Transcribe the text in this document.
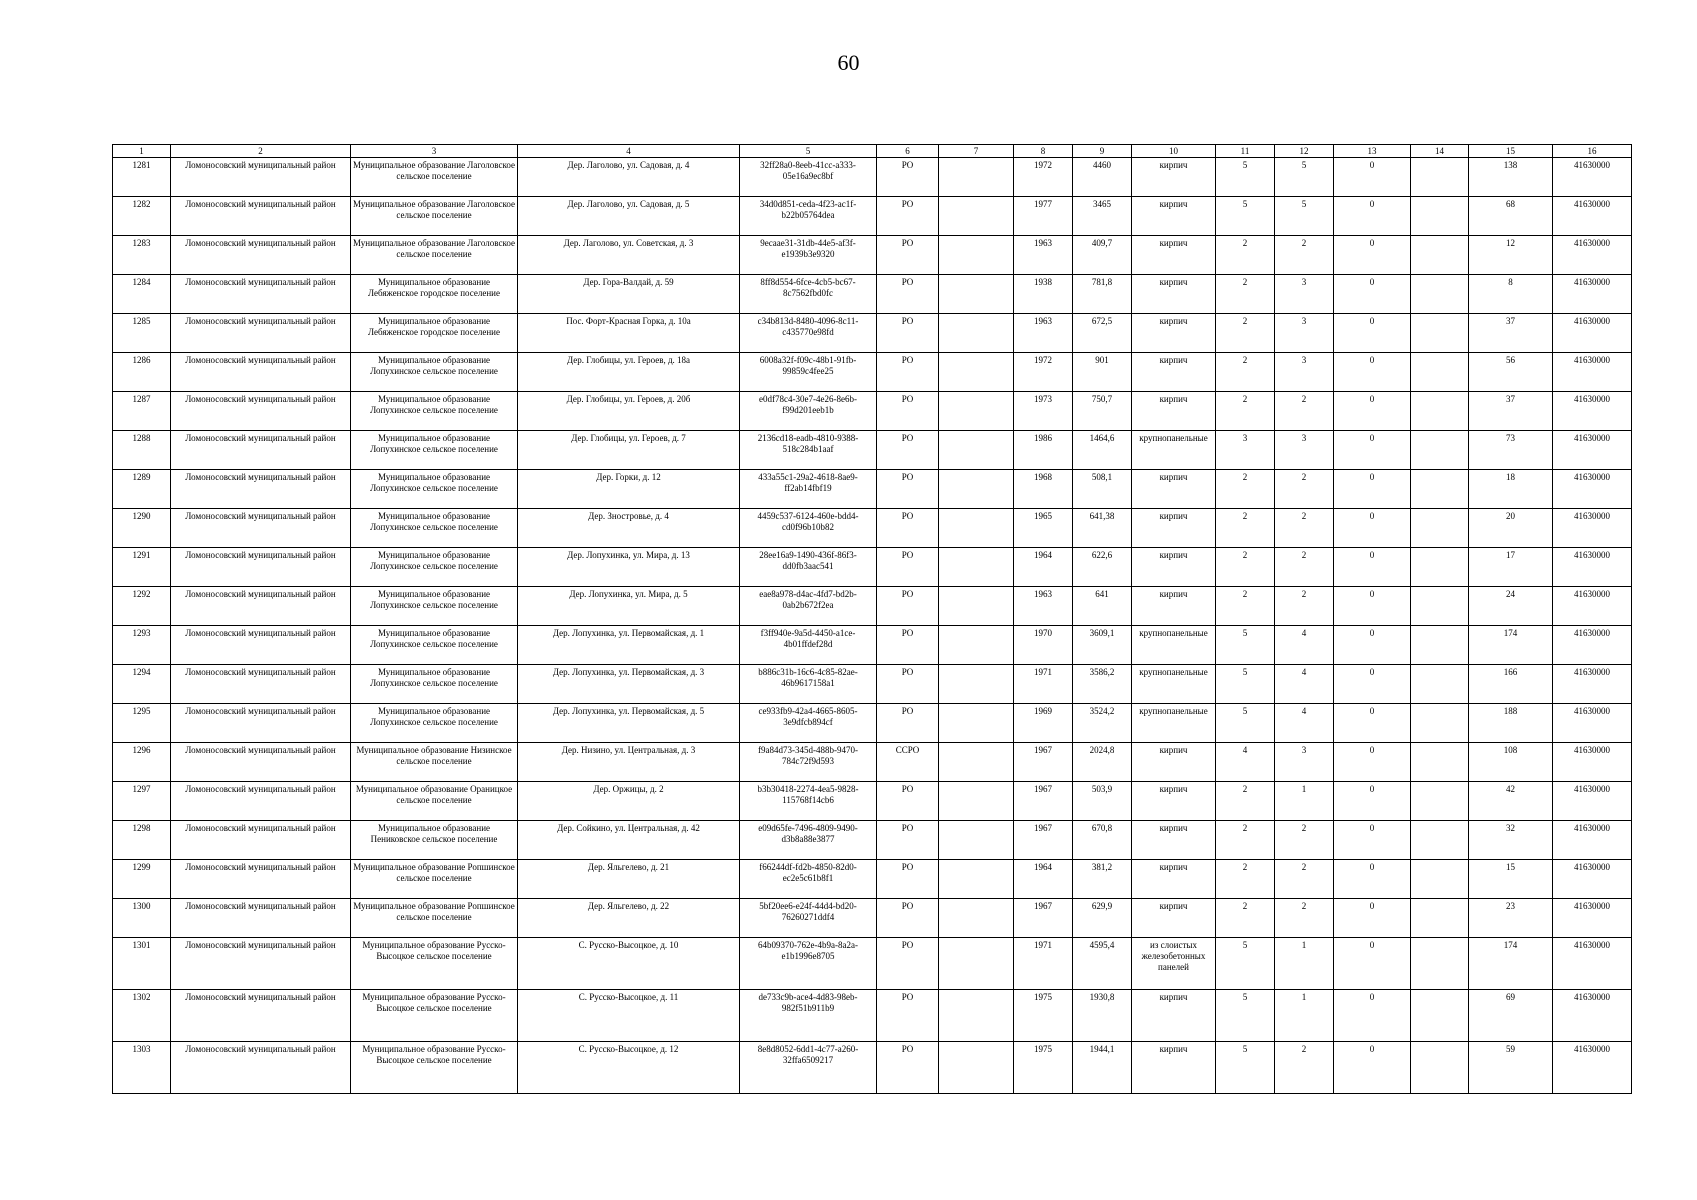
60
1	2	3	4	5	6	7	8	9	10	11	12	13	14	15	16
1281	Ломоносовский муниципальный район	Муниципальное образование Лаголовское сельское поселение	Дер. Лаголово, ул. Садовая, д. 4	32ff28a0-8eeb-41cc-a333-05e16a9ec8bf	РО		1972	4460	кирпич	5	5	0		138	41630000
1282	Ломоносовский муниципальный район	Муниципальное образование Лаголовское сельское поселение	Дер. Лаголово, ул. Садовая, д. 5	34d0d851-ceda-4f23-ac1f-b22b05764dea	РО		1977	3465	кирпич	5	5	0		68	41630000
1283	Ломоносовский муниципальный район	Муниципальное образование Лаголовское сельское поселение	Дер. Лаголово, ул. Советская, д. 3	9ecaae31-31db-44e5-af3f-e1939b3e9320	РО		1963	409,7	кирпич	2	2	0		12	41630000
1284	Ломоносовский муниципальный район	Муниципальное образование Лебяженское городское поселение	Дер. Гора-Валдай, д. 59	8ff8d554-6fce-4cb5-bc67-8c7562fbd0fc	РО		1938	781,8	кирпич	2	3	0		8	41630000
1285	Ломоносовский муниципальный район	Муниципальное образование Лебяженское городское поселение	Пос. Форт-Красная Горка, д. 10а	c34b813d-8480-4096-8c11-c435770e98fd	РО		1963	672,5	кирпич	2	3	0		37	41630000
1286	Ломоносовский муниципальный район	Муниципальное образование Лопухинское сельское поселение	Дер. Глобицы, ул. Героев, д. 18а	6008a32f-f09c-48b1-91fb-99859c4fee25	РО		1972	901	кирпич	2	3	0		56	41630000
1287	Ломоносовский муниципальный район	Муниципальное образование Лопухинское сельское поселение	Дер. Глобицы, ул. Героев, д. 20б	e0df78c4-30e7-4e26-8e6b-f99d201eeb1b	РО		1973	750,7	кирпич	2	2	0		37	41630000
1288	Ломоносовский муниципальный район	Муниципальное образование Лопухинское сельское поселение	Дер. Глобицы, ул. Героев, д. 7	2136cd18-eadb-4810-9388-518c284b1aaf	РО		1986	1464,6	крупнопанельные	3	3	0		73	41630000
1289	Ломоносовский муниципальный район	Муниципальное образование Лопухинское сельское поселение	Дер. Горки, д. 12	433a55c1-29a2-4618-8ae9-ff2ab14fbf19	РО		1968	508,1	кирпич	2	2	0		18	41630000
1290	Ломоносовский муниципальный район	Муниципальное образование Лопухинское сельское поселение	Дер. Зностровье, д. 4	4459c537-6124-460e-bdd4-cd0f96b10b82	РО		1965	641,38	кирпич	2	2	0		20	41630000
1291	Ломоносовский муниципальный район	Муниципальное образование Лопухинское сельское поселение	Дер. Лопухинка, ул. Мира, д. 13	28ee16a9-1490-436f-86f3-dd0fb3aac541	РО		1964	622,6	кирпич	2	2	0		17	41630000
1292	Ломоносовский муниципальный район	Муниципальное образование Лопухинское сельское поселение	Дер. Лопухинка, ул. Мира, д. 5	eae8a978-d4ac-4fd7-bd2b-0ab2b672f2ea	РО		1963	641	кирпич	2	2	0		24	41630000
1293	Ломоносовский муниципальный район	Муниципальное образование Лопухинское сельское поселение	Дер. Лопухинка, ул. Первомайская, д. 1	f3ff940e-9a5d-4450-a1ce-4b01ffdef28d	РО		1970	3609,1	крупнопанельные	5	4	0		174	41630000
1294	Ломоносовский муниципальный район	Муниципальное образование Лопухинское сельское поселение	Дер. Лопухинка, ул. Первомайская, д. 3	b886c31b-16c6-4c85-82ae-46b9617158a1	РО		1971	3586,2	крупнопанельные	5	4	0		166	41630000
1295	Ломоносовский муниципальный район	Муниципальное образование Лопухинское сельское поселение	Дер. Лопухинка, ул. Первомайская, д. 5	ce933fb9-42a4-4665-8605-3e9dfcb894cf	РО		1969	3524,2	крупнопанельные	5	4	0		188	41630000
1296	Ломоносовский муниципальный район	Муниципальное образование Низинское сельское поселение	Дер. Низино, ул. Центральная, д. 3	f9a84d73-345d-488b-9470-784c72f9d593	ССРО		1967	2024,8	кирпич	4	3	0		108	41630000
1297	Ломоносовский муниципальный район	Муниципальное образование Ораницкое сельское поселение	Дер. Оржицы, д. 2	b3b30418-2274-4ea5-9828-115768f14cb6	РО		1967	503,9	кирпич	2	1	0		42	41630000
1298	Ломоносовский муниципальный район	Муниципальное образование Пениковское сельское поселение	Дер. Сойкино, ул. Центральная, д. 42	e09d65fe-7496-4809-9490-d3b8a88e3877	РО		1967	670,8	кирпич	2	2	0		32	41630000
1299	Ломоносовский муниципальный район	Муниципальное образование Ропшинское сельское поселение	Дер. Яльгелево, д. 21	f66244df-fd2b-4850-82d0-ec2e5c61b8f1	РО		1964	381,2	кирпич	2	2	0		15	41630000
1300	Ломоносовский муниципальный район	Муниципальное образование Ропшинское сельское поселение	Дер. Яльгелево, д. 22	5bf20ee6-e24f-44d4-bd20-76260271ddf4	РО		1967	629,9	кирпич	2	2	0		23	41630000
1301	Ломоносовский муниципальный район	Муниципальное образование Русско-Высоцкое сельское поселение	С. Русско-Высоцкое, д. 10	64b09370-762e-4b9a-8a2a-e1b1996e8705	РО		1971	4595,4	из слоистых железобетонных панелей	5	1	0		174	41630000
1302	Ломоносовский муниципальный район	Муниципальное образование Русско-Высоцкое сельское поселение	С. Русско-Высоцкое, д. 11	de733c9b-ace4-4d83-98eb-982f51b911b9	РО		1975	1930,8	кирпич	5	1	0		69	41630000
1303	Ломоносовский муниципальный район	Муниципальное образование Русско-Высоцкое сельское поселение	С. Русско-Высоцкое, д. 12	8e8d8052-6dd1-4c77-a260-32ffa6509217	РО		1975	1944,1	кирпич	5	2	0		59	41630000
